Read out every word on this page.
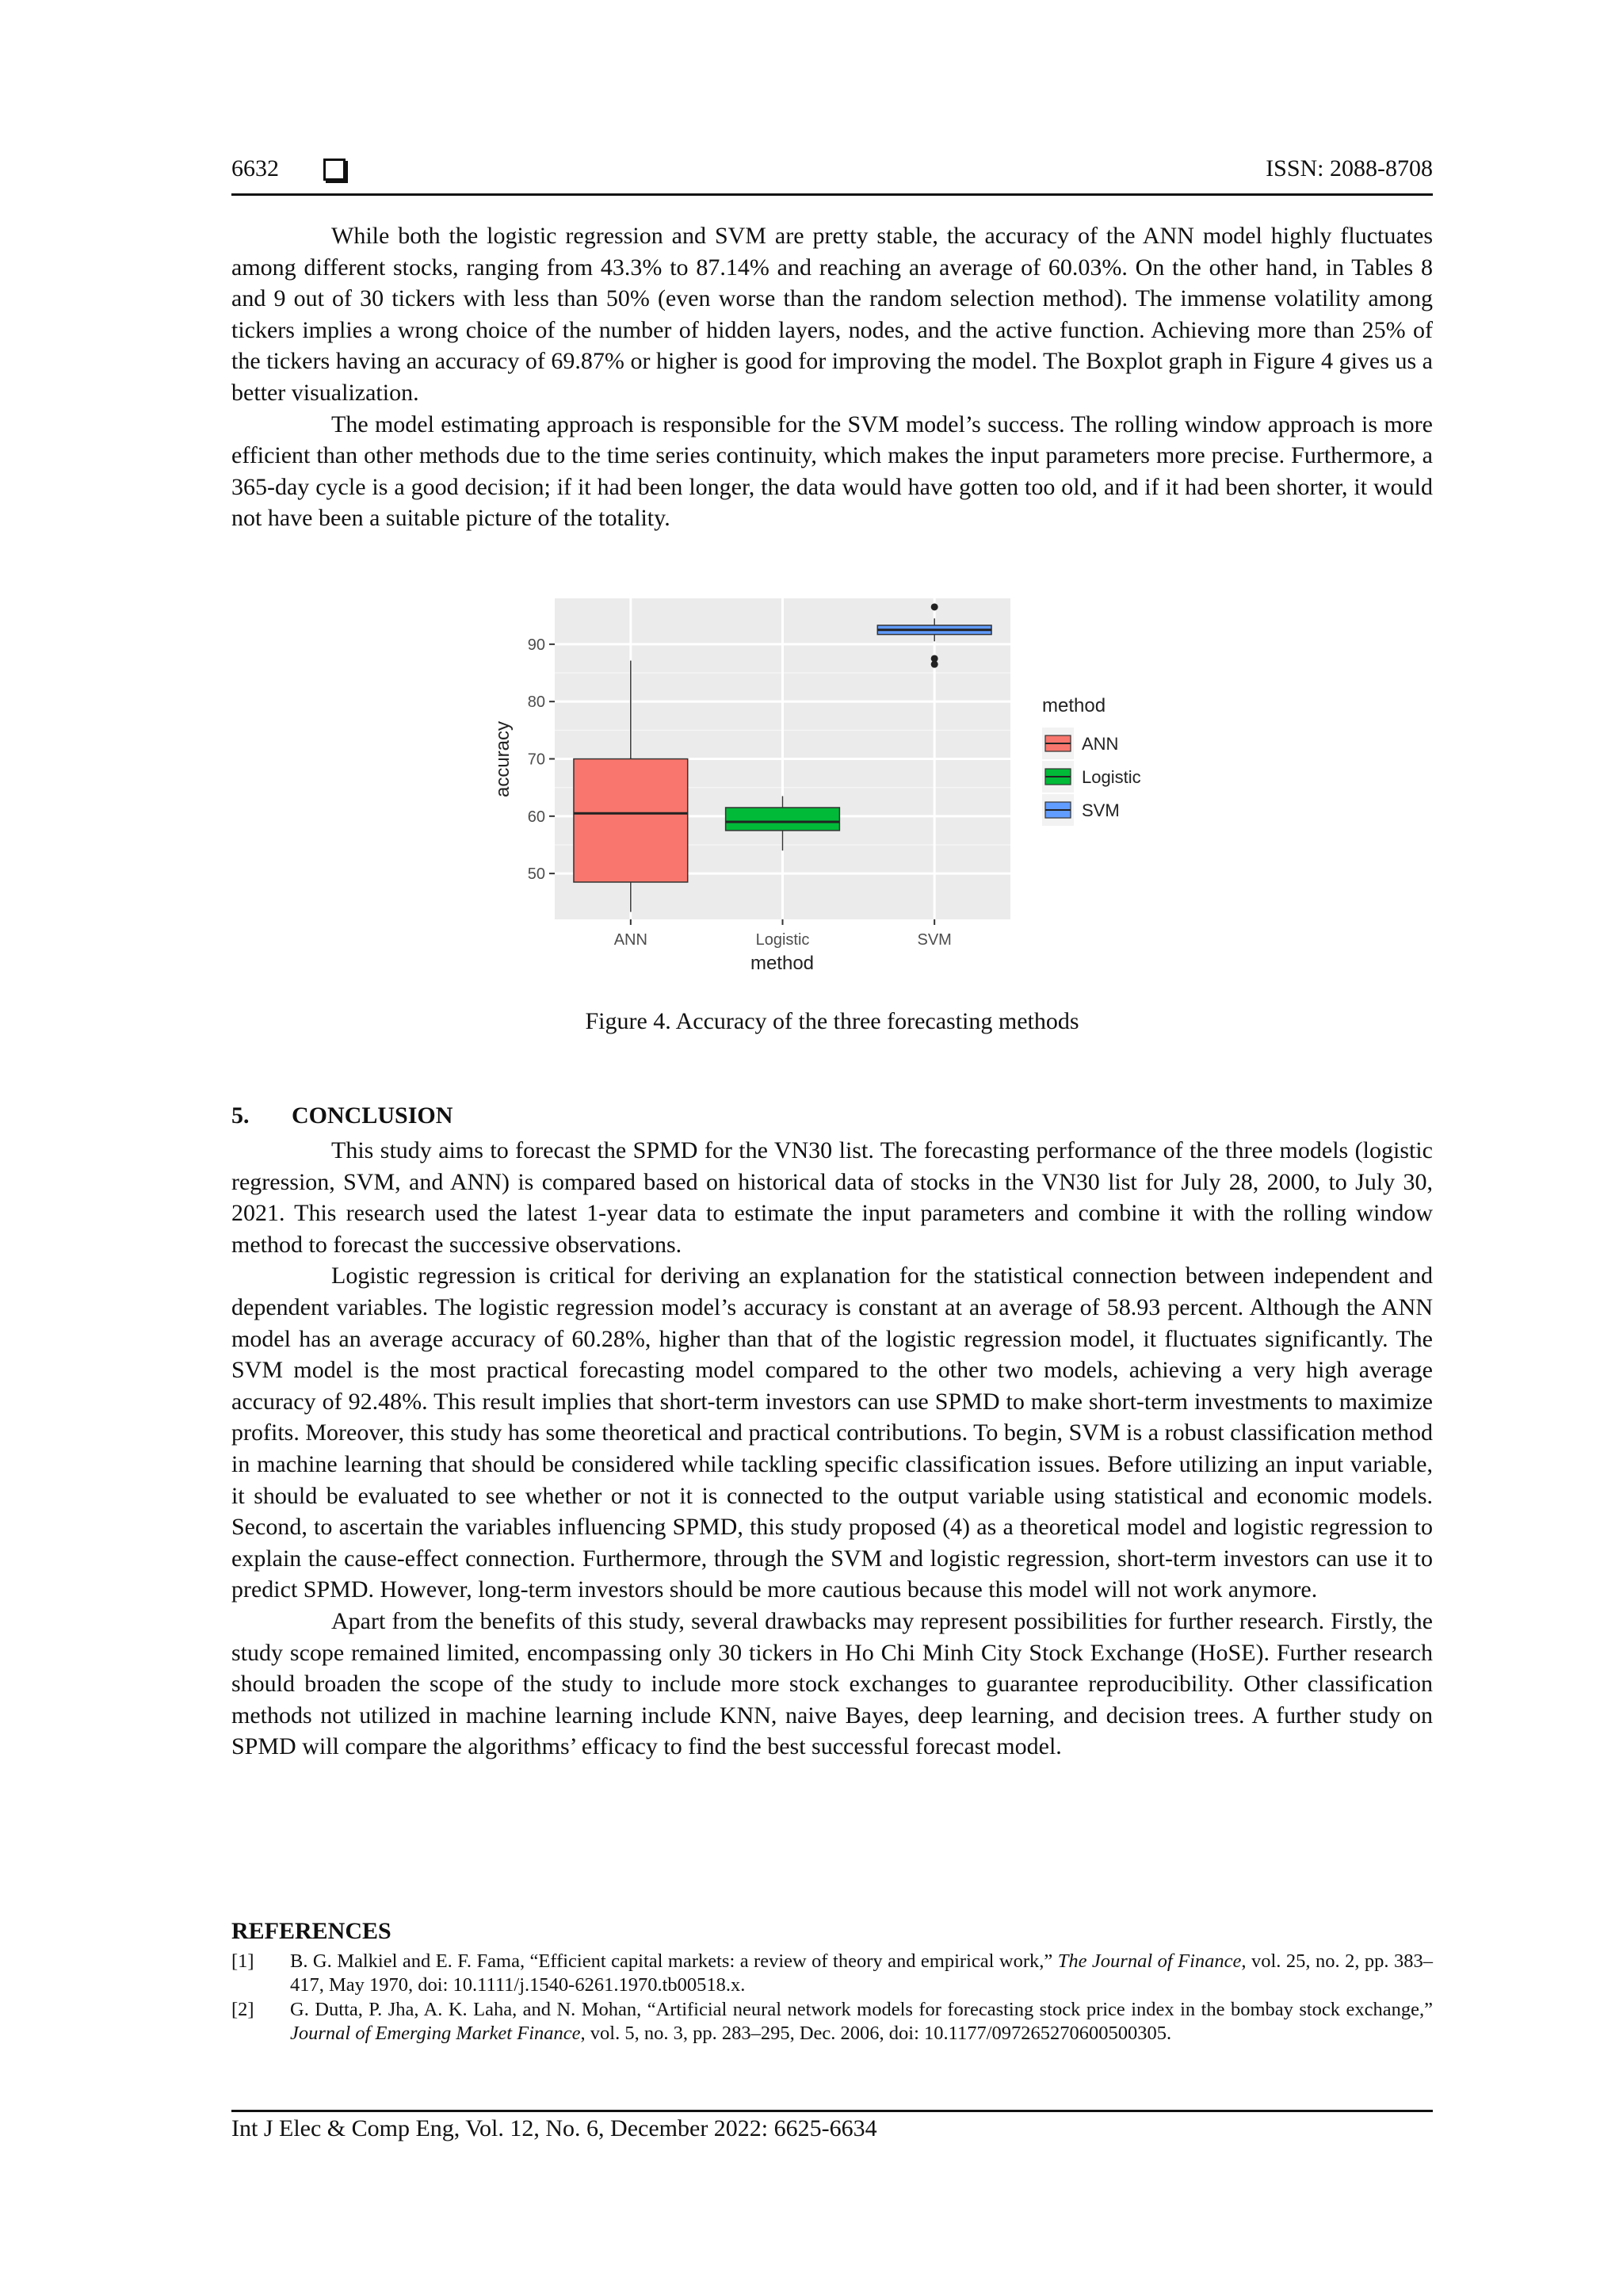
6632	ISSN: 2088-8708

While both the logistic regression and SVM are pretty stable, the accuracy of the ANN model highly fluctuates among different stocks, ranging from 43.3% to 87.14% and reaching an average of 60.03%. On the other hand, in Tables 8 and 9 out of 30 tickers with less than 50% (even worse than the random selection method). The immense volatility among tickers implies a wrong choice of the number of hidden layers, nodes, and the active function. Achieving more than 25% of the tickers having an accuracy of 69.87% or higher is good for improving the model. The Boxplot graph in Figure 4 gives us a better visualization.

The model estimating approach is responsible for the SVM model’s success. The rolling window approach is more efficient than other methods due to the time series continuity, which makes the input parameters more precise. Furthermore, a 365-day cycle is a good decision; if it had been longer, the data would have gotten too old, and if it had been shorter, it would not have been a suitable picture of the totality.

50
60
70
80
90
ANN	Logistic	SVM
accuracy
method
method
ANN
Logistic
SVM
Figure 4. Accuracy of the three forecasting methods
5. CONCLUSION

This study aims to forecast the SPMD for the VN30 list. The forecasting performance of the three models (logistic regression, SVM, and ANN) is compared based on historical data of stocks in the VN30 list for July 28, 2000, to July 30, 2021. This research used the latest 1-year data to estimate the input parameters and combine it with the rolling window method to forecast the successive observations.

Logistic regression is critical for deriving an explanation for the statistical connection between independent and dependent variables. The logistic regression model’s accuracy is constant at an average of 58.93 percent. Although the ANN model has an average accuracy of 60.28%, higher than that of the logistic regression model, it fluctuates significantly. The SVM model is the most practical forecasting model compared to the other two models, achieving a very high average accuracy of 92.48%. This result implies that short-term investors can use SPMD to make short-term investments to maximize profits. Moreover, this study has some theoretical and practical contributions. To begin, SVM is a robust classification method in machine learning that should be considered while tackling specific classification issues. Before utilizing an input variable, it should be evaluated to see whether or not it is connected to the output variable using statistical and economic models. Second, to ascertain the variables influencing SPMD, this study proposed (4) as a theoretical model and logistic regression to explain the cause-effect connection. Furthermore, through the SVM and logistic regression, short-term investors can use it to predict SPMD. However, long-term investors should be more cautious because this model will not work anymore.

Apart from the benefits of this study, several drawbacks may represent possibilities for further research. Firstly, the study scope remained limited, encompassing only 30 tickers in Ho Chi Minh City Stock Exchange (HoSE). Further research should broaden the scope of the study to include more stock exchanges to guarantee reproducibility. Other classification methods not utilized in machine learning include KNN, naive Bayes, deep learning, and decision trees. A further study on SPMD will compare the algorithms’ efficacy to find the best successful forecast model.

REFERENCES
[1] B. G. Malkiel and E. F. Fama, “Efficient capital markets: a review of theory and empirical work,” The Journal of Finance, vol. 25, no. 2, pp. 383–417, May 1970, doi: 10.1111/j.1540-6261.1970.tb00518.x.
[2] G. Dutta, P. Jha, A. K. Laha, and N. Mohan, “Artificial neural network models for forecasting stock price index in the bombay stock exchange,” Journal of Emerging Market Finance, vol. 5, no. 3, pp. 283–295, Dec. 2006, doi: 10.1177/097265270600500305.
Int J Elec & Comp Eng, Vol. 12, No. 6, December 2022: 6625-6634
